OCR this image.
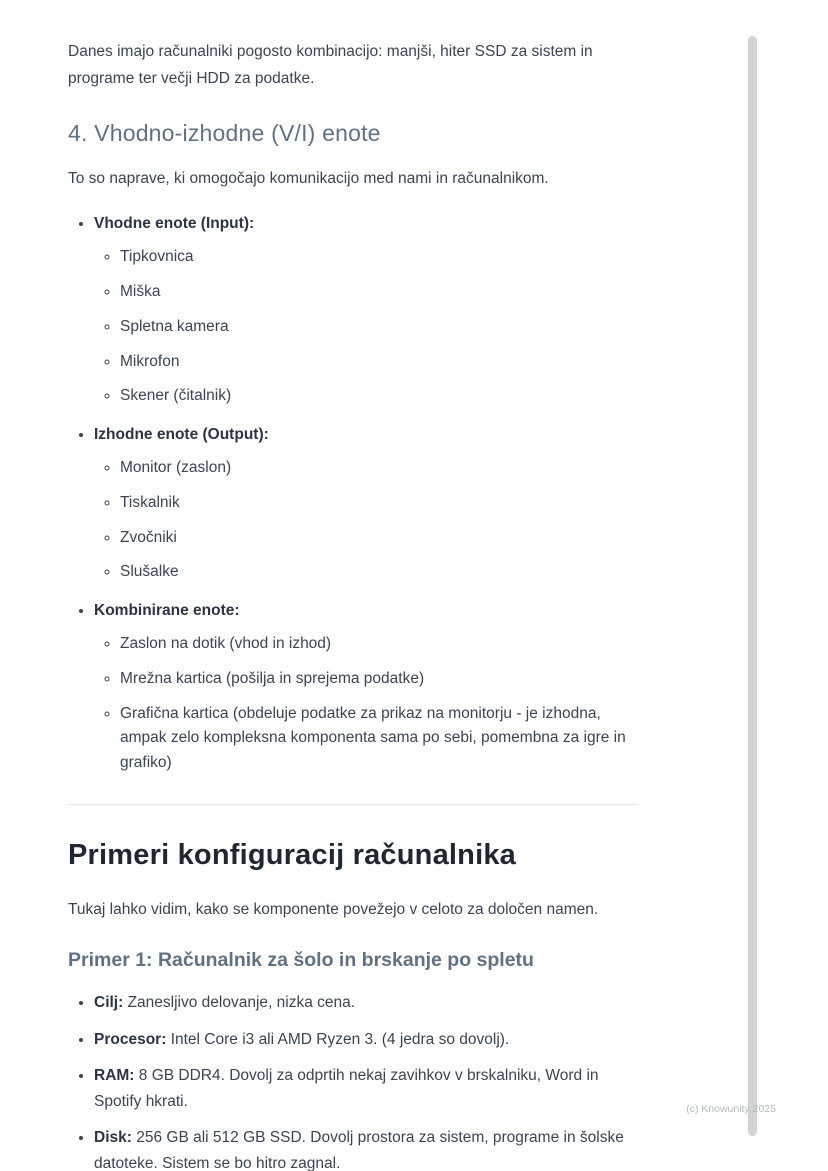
Danes imajo računalniki pogosto kombinacijo: manjši, hiter SSD za sistem in programe ter večji HDD za podatke.

4. Vhodno-izhodne (V/I) enote

To so naprave, ki omogočajo komunikacijo med nami in računalnikom.

• Vhodne enote (Input):
◦ Tipkovnica
◦ Miška
◦ Spletna kamera
◦ Mikrofon
◦ Skener (čitalnik)
• Izhodne enote (Output):
◦ Monitor (zaslon)
◦ Tiskalnik
◦ Zvočniki
◦ Slušalke
• Kombinirane enote:
◦ Zaslon na dotik (vhod in izhod)
◦ Mrežna kartica (pošilja in sprejema podatke)
◦ Grafična kartica (obdeluje podatke za prikaz na monitorju - je izhodna, ampak zelo kompleksna komponenta sama po sebi, pomembna za igre in grafiko)
Primeri konfiguracij računalnika

Tukaj lahko vidim, kako se komponente povežejo v celoto za določen namen.

Primer 1: Računalnik za šolo in brskanje po spletu
• Cilj: Zanesljivo delovanje, nizka cena.
• Procesor: Intel Core i3 ali AMD Ryzen 3. (4 jedra so dovolj).
• RAM: 8 GB DDR4. Dovolj za odprtih nekaj zavihkov v brskalniku, Word in Spotify hkrati.
• Disk: 256 GB ali 512 GB SSD. Dovolj prostora za sistem, programe in šolske datoteke. Sistem se bo hitro zagnal.
(c) Knowunity 2025
